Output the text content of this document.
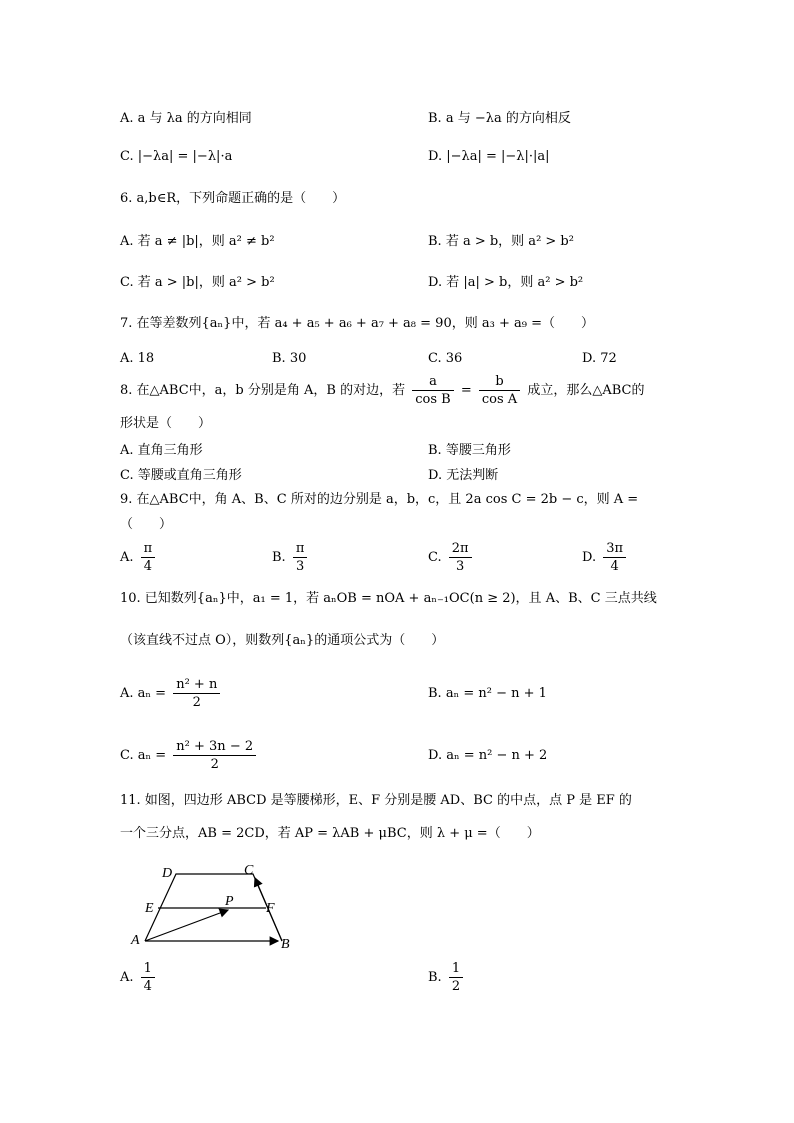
A. a 与 λa 的方向相同	B. a 与 −λa 的方向相反
C. |−λa| = |−λ|·a	D. |−λa| = |−λ|·|a|
6. a,b∈R，下列命题正确的是（　　）
A. 若 a ≠ |b|，则 a² ≠ b²	B. 若 a > b，则 a² > b²
C. 若 a > |b|，则 a² > b²	D. 若 |a| > b，则 a² > b²
7. 在等差数列{aₙ}中，若 a₄ + a₅ + a₆ + a₇ + a₈ = 90，则 a₃ + a₉ =（　　）
A. 18	B. 30	C. 36	D. 72
8. 在△ABC中，a，b 分别是角 A，B 的对边，若 $\frac{a}{\text{cos B}} = \frac{b}{\text{cos A}}$ 成立，那么△ABC的
形状是（　　）
A. 直角三角形	B. 等腰三角形
C. 等腰或直角三角形	D. 无法判断
9. 在△ABC中，角 A、B、C 所对的边分别是 a，b，c，且 2a cos C = 2b − c，则 A =
（　　）
A. $\frac{\pi}{4}$	B. $\frac{\pi}{3}$	C. $\frac{2\pi}{3}$	D. $\frac{3\pi}{4}$
10. 已知数列{aₙ}中，a₁ = 1，若 aₙOB = nOA + aₙ₋₁OC(n ≥ 2)，且 A、B、C 三点共线
（该直线不过点 O），则数列{aₙ}的通项公式为（　　）
A. $a_n = \frac{\text{n² + n}}{2}$	B. aₙ = n² − n + 1
C. $a_n = \frac{\text{n² + 3n − 2}}{2}$	D. aₙ = n² − n + 2
11. 如图，四边形 ABCD 是等腰梯形，E、F 分别是腰 AD、BC 的中点，点 P 是 EF 的
一个三分点，AB = 2CD，若 AP = λAB + μBC，则 λ + μ =（　　）
D	C
E	P F
A	B
A. $\frac{1}{4}$	B. $\frac{1}{2}$
